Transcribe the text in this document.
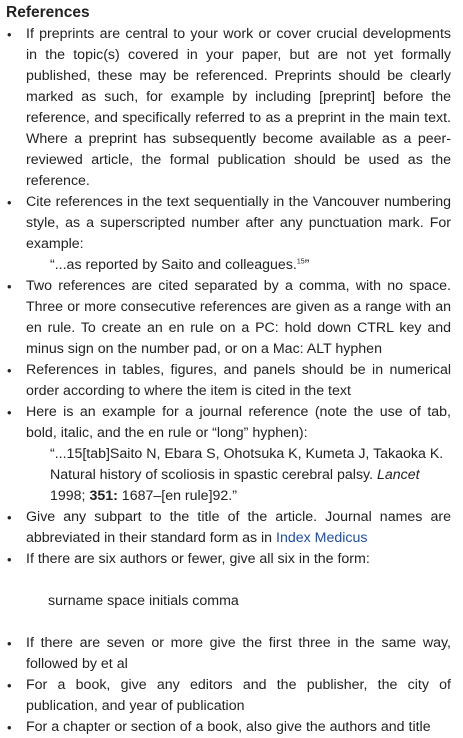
References
• If preprints are central to your work or cover crucial developments in the topic(s) covered in your paper, but are not yet formally published, these may be referenced. Preprints should be clearly marked as such, for example by including [preprint] before the reference, and specifically referred to as a preprint in the main text. Where a preprint has subsequently become available as a peer-reviewed article, the formal publication should be used as the reference.
• Cite references in the text sequentially in the Vancouver numbering style, as a superscripted number after any punctuation mark. For example:
“...as reported by Saito and colleagues.$^{15}$”
• Two references are cited separated by a comma, with no space. Three or more consecutive references are given as a range with an en rule. To create an en rule on a PC: hold down CTRL key and minus sign on the number pad, or on a Mac: ALT hyphen
• References in tables, figures, and panels should be in numerical order according to where the item is cited in the text
• Here is an example for a journal reference (note the use of tab, bold, italic, and the en rule or “long” hyphen):
“...15[tab]Saito N, Ebara S, Ohotsuka K, Kumeta J, Takaoka K. Natural history of scoliosis in spastic cerebral palsy. Lancet 1998; 351: 1687–[en rule]92.”
• Give any subpart to the title of the article. Journal names are abbreviated in their standard form as in Index Medicus
• If there are six authors or fewer, give all six in the form:
surname space initials comma
• If there are seven or more give the first three in the same way, followed by et al
• For a book, give any editors and the publisher, the city of publication, and year of publication
• For a chapter or section of a book, also give the authors and title
